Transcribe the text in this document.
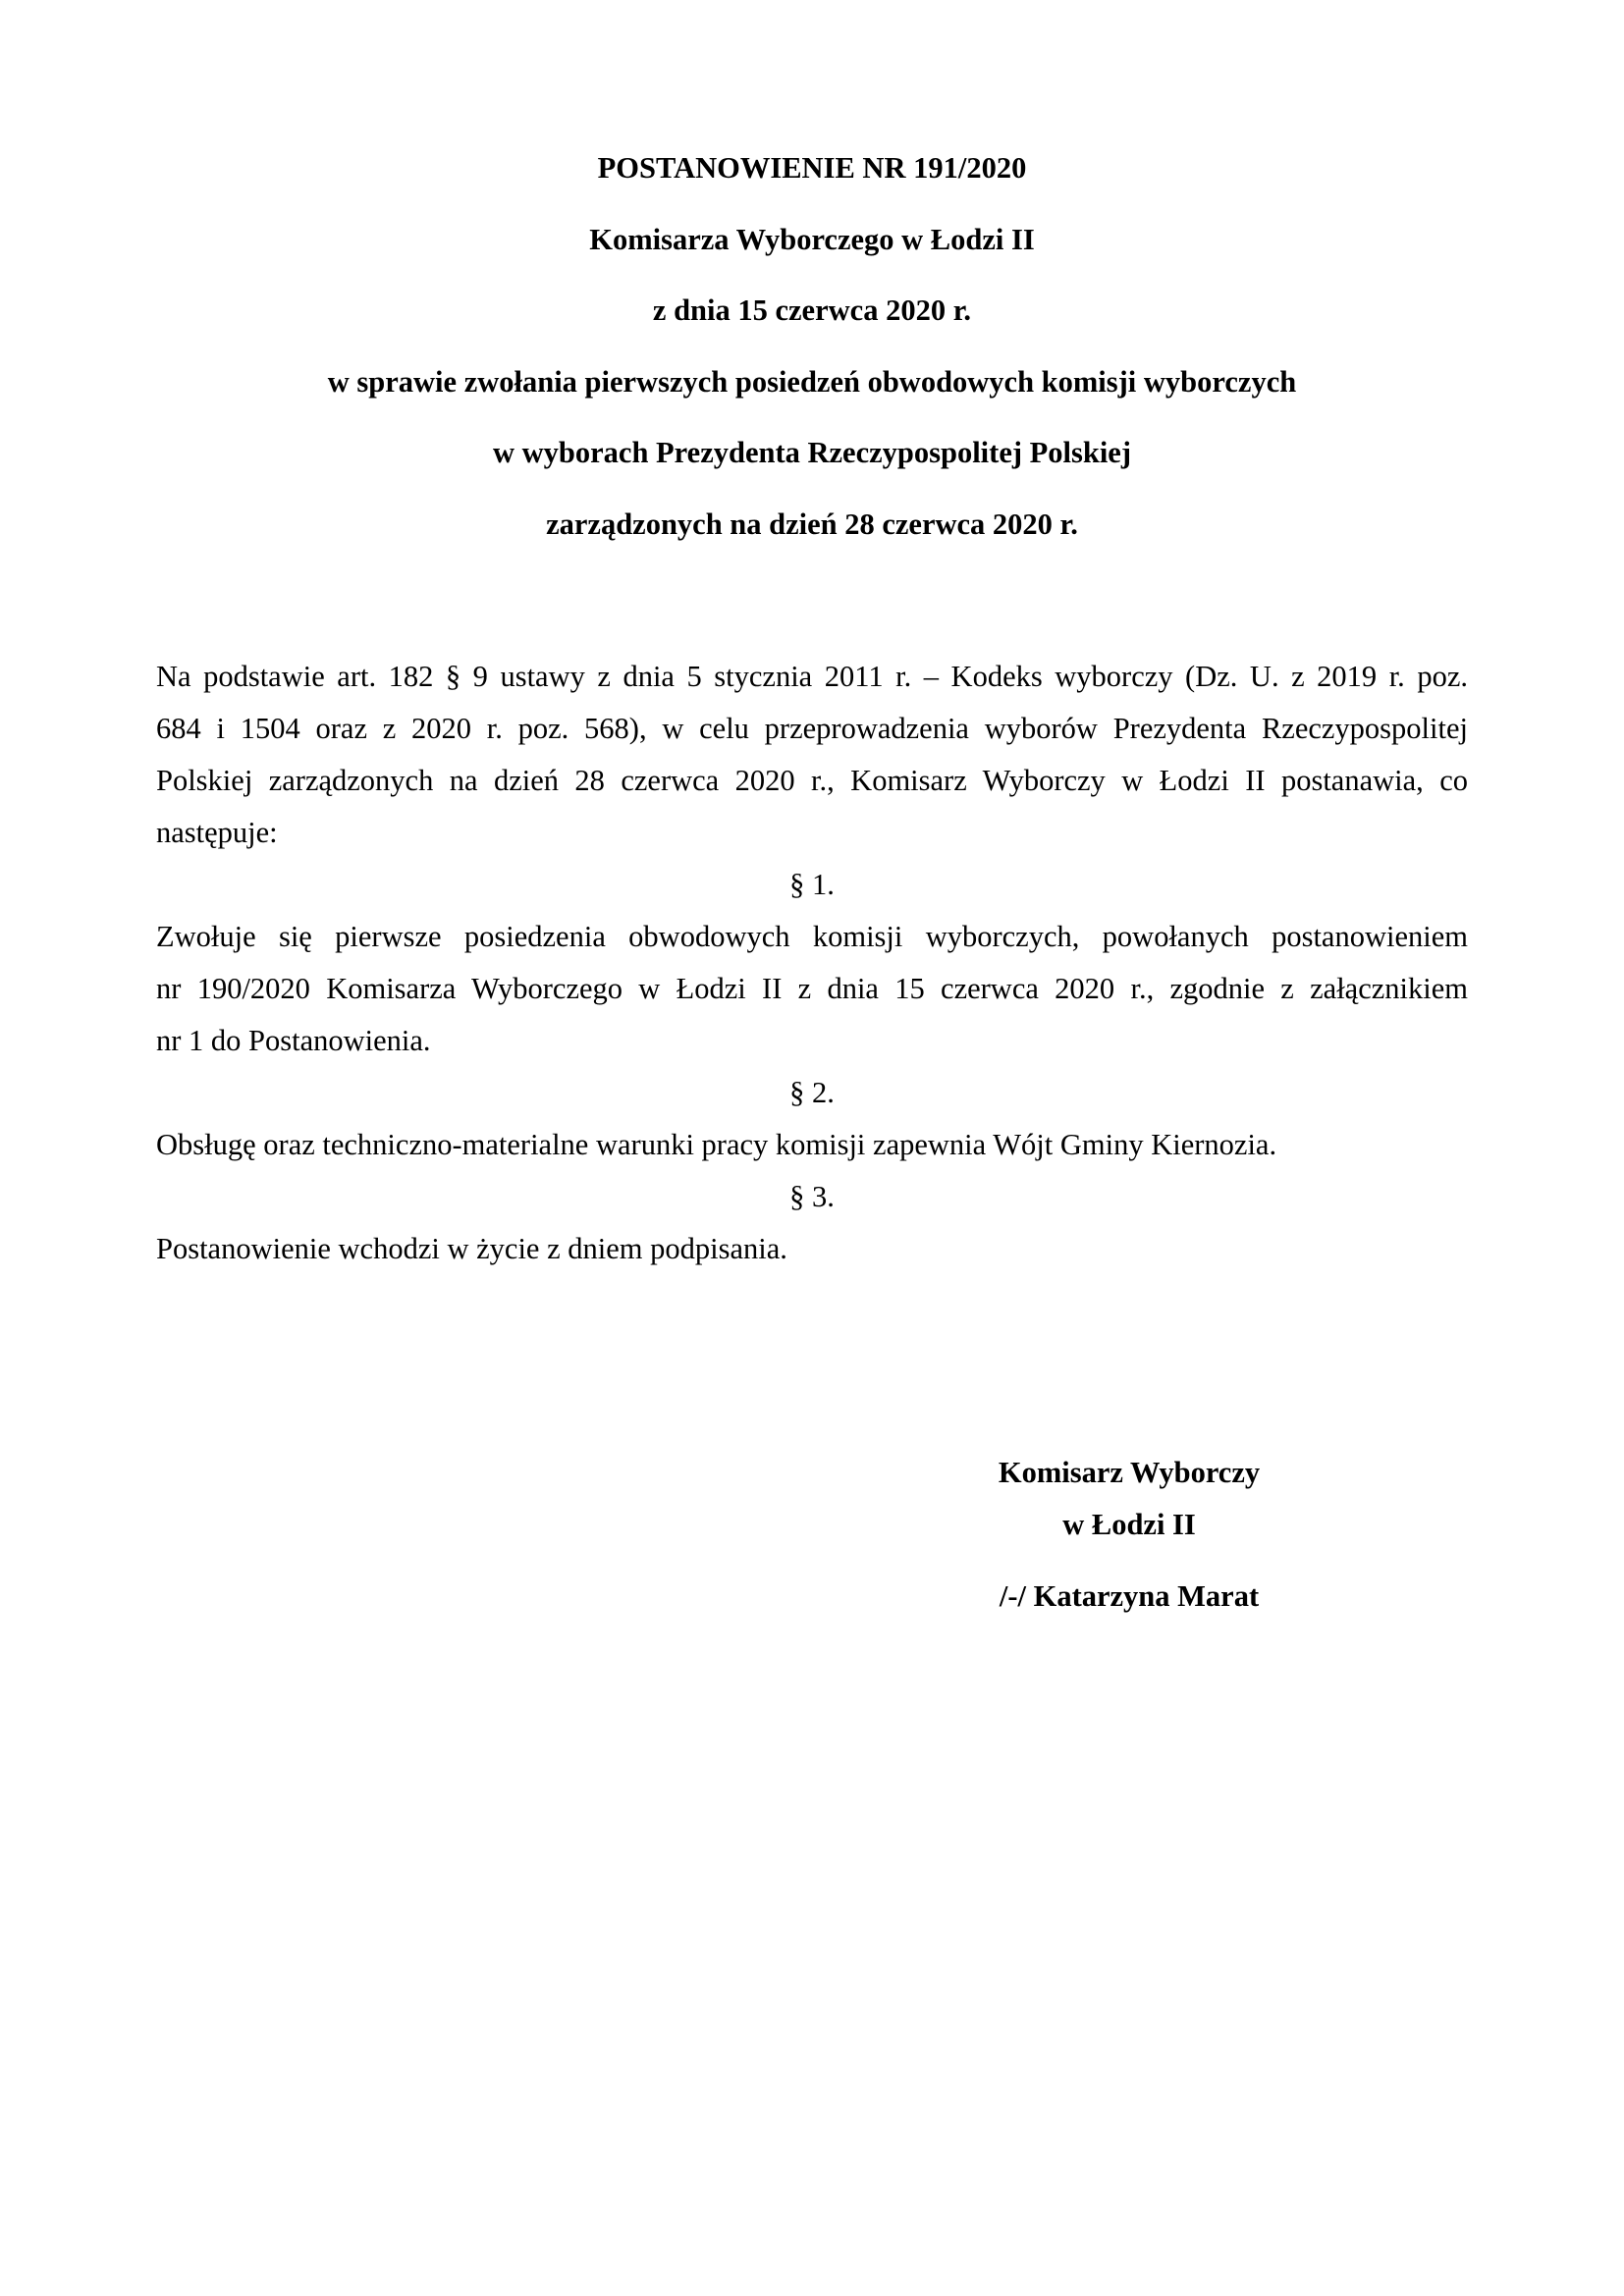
POSTANOWIENIE NR 191/2020
Komisarza Wyborczego w Łodzi II
z dnia 15 czerwca 2020 r.
w sprawie zwołania pierwszych posiedzeń obwodowych komisji wyborczych
w wyborach Prezydenta Rzeczypospolitej Polskiej
zarządzonych na dzień 28 czerwca 2020 r.

Na podstawie art. 182 § 9 ustawy z dnia 5 stycznia 2011 r. – Kodeks wyborczy (Dz. U. z 2019 r. poz.
684 i 1504 oraz z 2020 r. poz. 568), w celu przeprowadzenia wyborów Prezydenta Rzeczypospolitej
Polskiej zarządzonych na dzień 28 czerwca 2020 r., Komisarz Wyborczy w Łodzi II postanawia, co
następuje:

§ 1.

Zwołuje się pierwsze posiedzenia obwodowych komisji wyborczych, powołanych postanowieniem
nr 190/2020 Komisarza Wyborczego w Łodzi II z dnia 15 czerwca 2020 r., zgodnie z załącznikiem
nr 1 do Postanowienia.

§ 2.

Obsługę oraz techniczno-materialne warunki pracy komisji zapewnia Wójt Gminy Kiernozia.

§ 3.

Postanowienie wchodzi w życie z dniem podpisania.

Komisarz Wyborczy
w Łodzi II
/-/ Katarzyna Marat
